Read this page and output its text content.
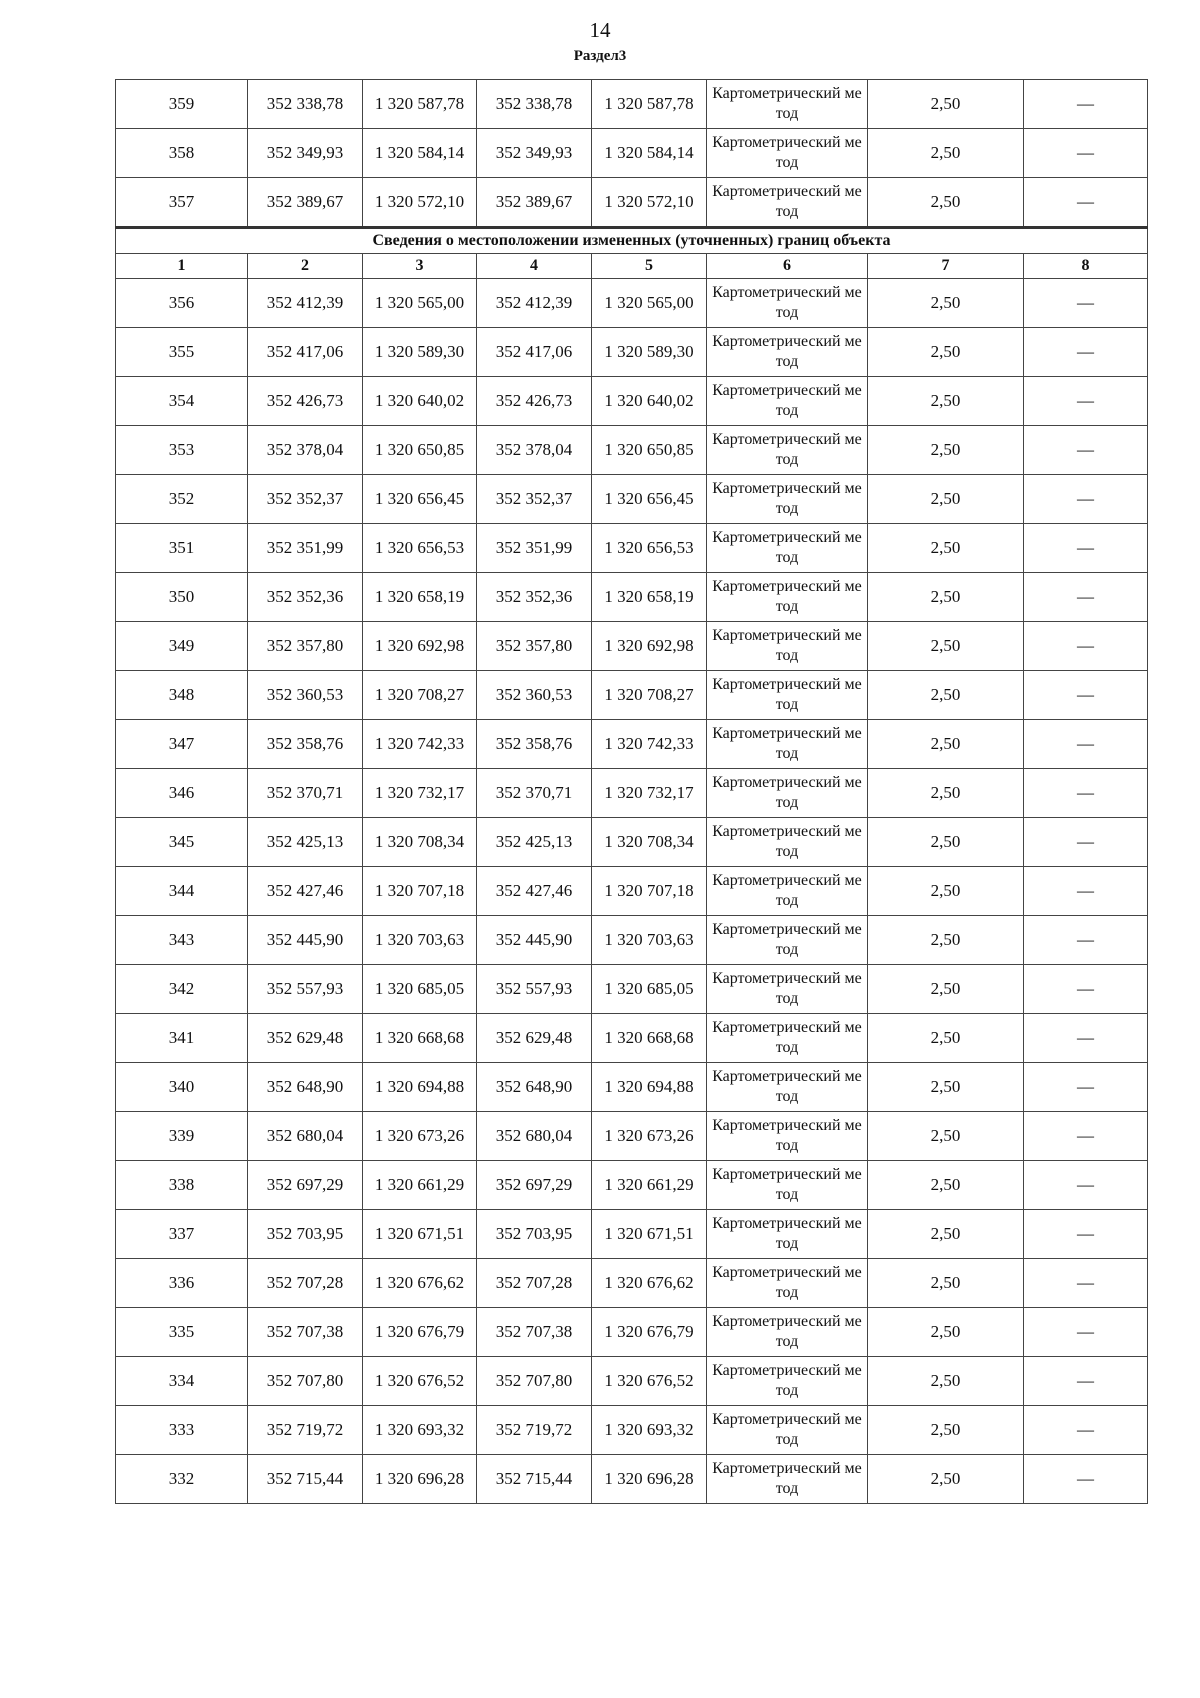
14
Раздел3
359	352 338,78	1 320 587,78	352 338,78	1 320 587,78	Картометрический метод	2,50	—
358	352 349,93	1 320 584,14	352 349,93	1 320 584,14	Картометрический метод	2,50	—
357	352 389,67	1 320 572,10	352 389,67	1 320 572,10	Картометрический метод	2,50	—
Сведения о местоположении измененных (уточненных) границ объекта							
1	2	3	4	5	6	7	8
356	352 412,39	1 320 565,00	352 412,39	1 320 565,00	Картометрический метод	2,50	—
355	352 417,06	1 320 589,30	352 417,06	1 320 589,30	Картометрический метод	2,50	—
354	352 426,73	1 320 640,02	352 426,73	1 320 640,02	Картометрический метод	2,50	—
353	352 378,04	1 320 650,85	352 378,04	1 320 650,85	Картометрический метод	2,50	—
352	352 352,37	1 320 656,45	352 352,37	1 320 656,45	Картометрический метод	2,50	—
351	352 351,99	1 320 656,53	352 351,99	1 320 656,53	Картометрический метод	2,50	—
350	352 352,36	1 320 658,19	352 352,36	1 320 658,19	Картометрический метод	2,50	—
349	352 357,80	1 320 692,98	352 357,80	1 320 692,98	Картометрический метод	2,50	—
348	352 360,53	1 320 708,27	352 360,53	1 320 708,27	Картометрический метод	2,50	—
347	352 358,76	1 320 742,33	352 358,76	1 320 742,33	Картометрический метод	2,50	—
346	352 370,71	1 320 732,17	352 370,71	1 320 732,17	Картометрический метод	2,50	—
345	352 425,13	1 320 708,34	352 425,13	1 320 708,34	Картометрический метод	2,50	—
344	352 427,46	1 320 707,18	352 427,46	1 320 707,18	Картометрический метод	2,50	—
343	352 445,90	1 320 703,63	352 445,90	1 320 703,63	Картометрический метод	2,50	—
342	352 557,93	1 320 685,05	352 557,93	1 320 685,05	Картометрический метод	2,50	—
341	352 629,48	1 320 668,68	352 629,48	1 320 668,68	Картометрический метод	2,50	—
340	352 648,90	1 320 694,88	352 648,90	1 320 694,88	Картометрический метод	2,50	—
339	352 680,04	1 320 673,26	352 680,04	1 320 673,26	Картометрический метод	2,50	—
338	352 697,29	1 320 661,29	352 697,29	1 320 661,29	Картометрический метод	2,50	—
337	352 703,95	1 320 671,51	352 703,95	1 320 671,51	Картометрический метод	2,50	—
336	352 707,28	1 320 676,62	352 707,28	1 320 676,62	Картометрический метод	2,50	—
335	352 707,38	1 320 676,79	352 707,38	1 320 676,79	Картометрический метод	2,50	—
334	352 707,80	1 320 676,52	352 707,80	1 320 676,52	Картометрический метод	2,50	—
333	352 719,72	1 320 693,32	352 719,72	1 320 693,32	Картометрический метод	2,50	—
332	352 715,44	1 320 696,28	352 715,44	1 320 696,28	Картометрический метод	2,50	—
